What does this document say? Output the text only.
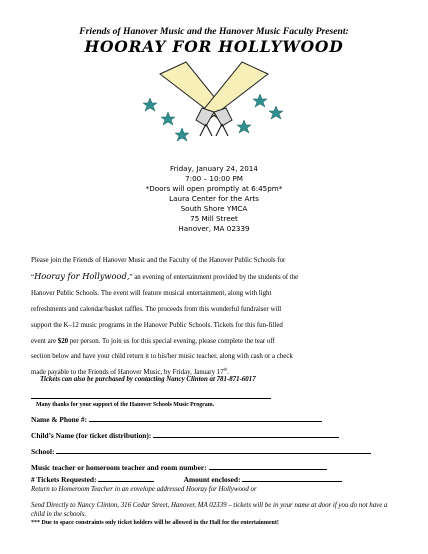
Friends of Hanover Music and the Hanover Music Faculty Present:
HOORAY FOR HOLLYWOOD
Friday, January 24, 2014
7:00 – 10:00 PM
*Doors will open promptly at 6:45pm*
Laura Center for the Arts
South Shore YMCA
75 Mill Street
Hanover, MA 02339
Please join the Friends of Hanover Music and the Faculty of the Hanover Public Schools for
“Hooray for Hollywood,” an evening of entertainment provided by the students of the
Hanover Public Schools. The event will feature musical entertainment, along with light
refreshments and calendar/basket raffles. The proceeds from this wonderful fundraiser will
support the K–12 music programs in the Hanover Public Schools. Tickets for this fun-filled
event are $20 per person. To join us for this special evening, please complete the tear off
section below and have your child return it to his/her music teacher, along with cash or a check
made payable to the Friends of Hanover Music, by Friday, January 17th.
Tickets can also be purchased by contacting Nancy Clinton at 781-871-6017
Many thanks for your support of the Hanover Schools Music Program.
Name & Phone #:
Child’s Name (for ticket distribution):
School:
Music teacher or homeroom teacher and room number:
# Tickets Requested:	Amount enclosed:
Return to Homeroom Teacher in an envelope addressed Hooray for Hollywood or
Send Directly to Nancy Clinton, 316 Cedar Street, Hanover, MA 02339 – tickets will be in your name at door if you do not have a child in the schools.
*** Due to space constraints only ticket holders will be allowed in the Hall for the entertainment!
